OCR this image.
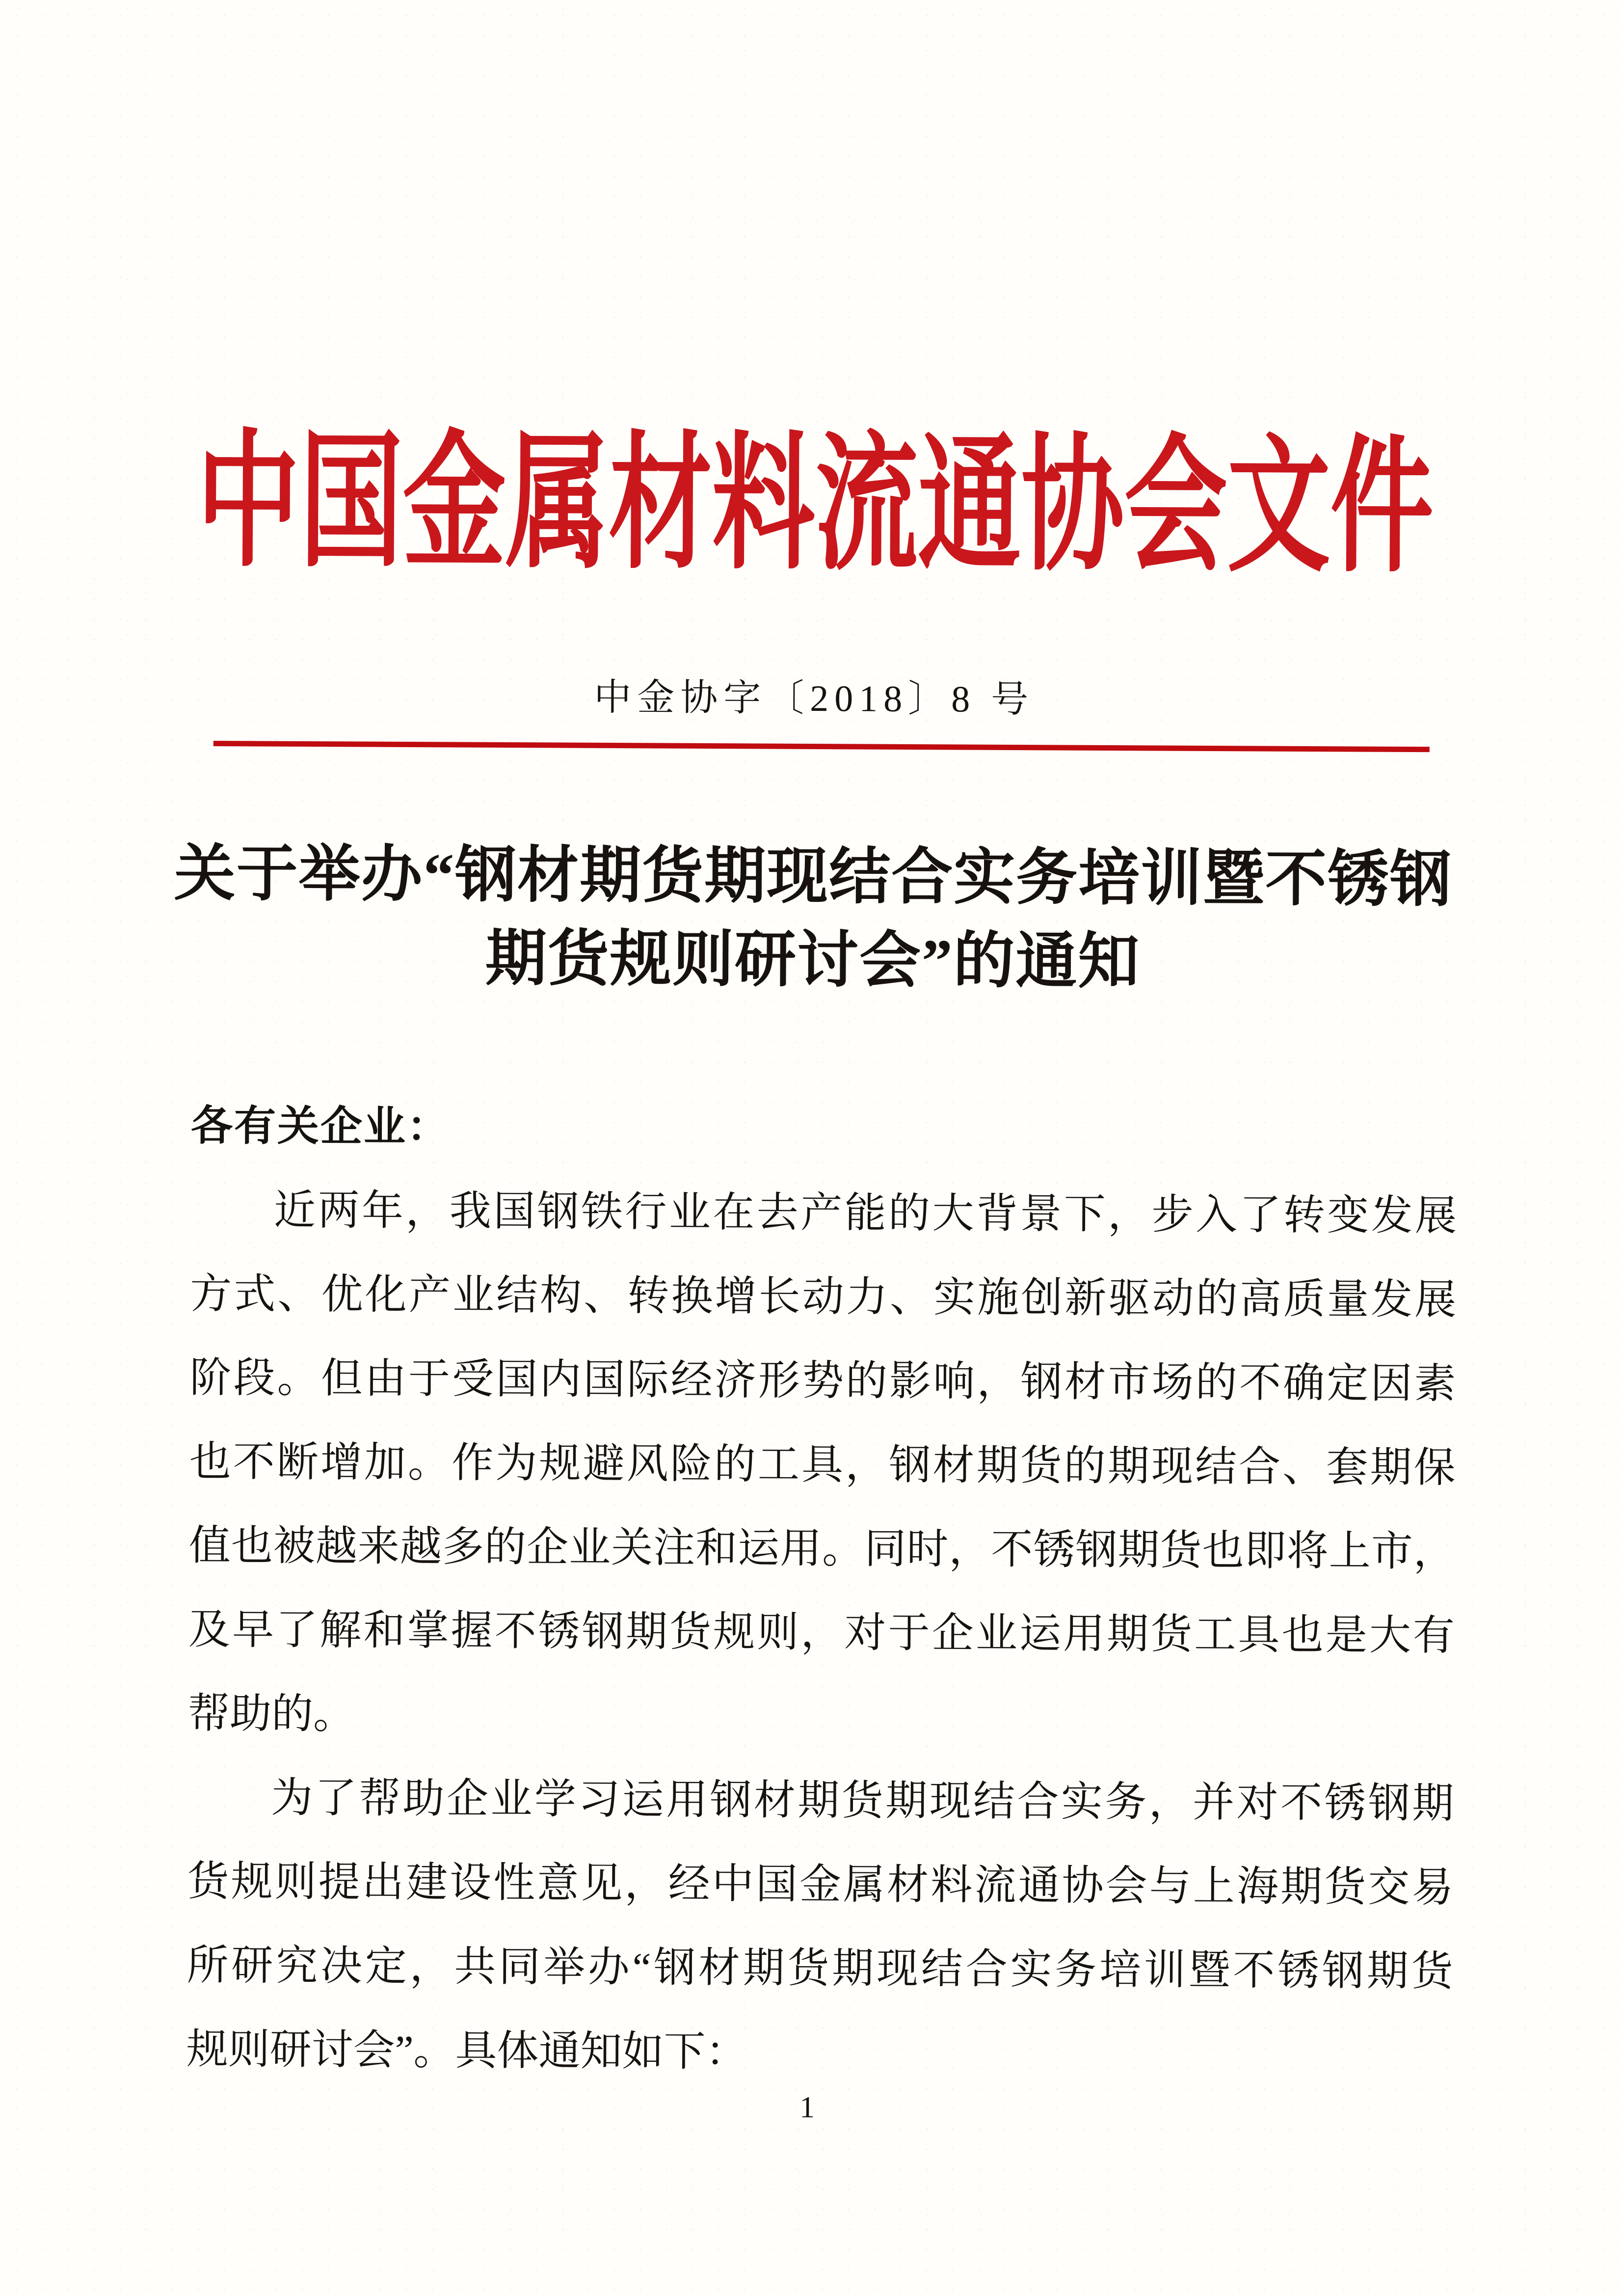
中国金属材料流通协会文件
中金协字〔2018〕8 号
关于举办“钢材期货期现结合实务培训暨不锈钢
期货规则研讨会”的通知
各有关企业：
近两年，我国钢铁行业在去产能的大背景下，步入了转变发展
方式、优化产业结构、转换增长动力、实施创新驱动的高质量发展
阶段。但由于受国内国际经济形势的影响，钢材市场的不确定因素
也不断增加。作为规避风险的工具，钢材期货的期现结合、套期保
值也被越来越多的企业关注和运用。同时，不锈钢期货也即将上市，
及早了解和掌握不锈钢期货规则，对于企业运用期货工具也是大有
帮助的。
为了帮助企业学习运用钢材期货期现结合实务，并对不锈钢期
货规则提出建设性意见，经中国金属材料流通协会与上海期货交易
所研究决定，共同举办“钢材期货期现结合实务培训暨不锈钢期货
规则研讨会”。具体通知如下：
1
